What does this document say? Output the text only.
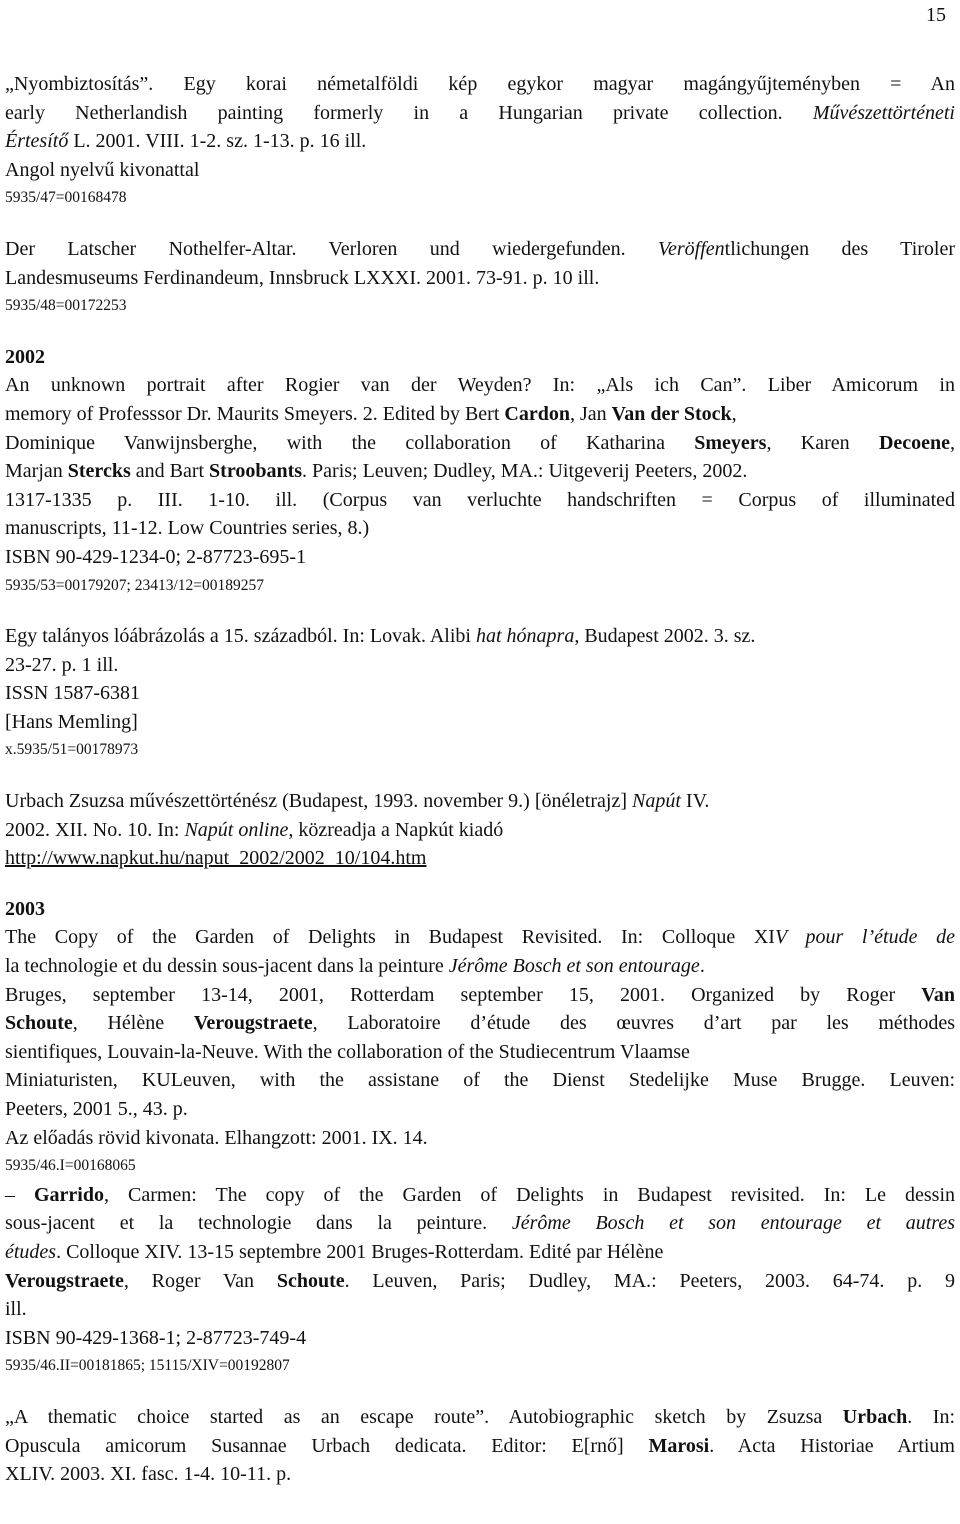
15
„Nyombiztosítás”. Egy korai németalföldi kép egykor magyar magángyűjteményben = An
early Netherlandish painting formerly in a Hungarian private collection. Művészettörténeti
Értesítő L. 2001. VIII. 1-2. sz. 1-13. p. 16 ill.
Angol nyelvű kivonattal
5935/47=00168478
Der Latscher Nothelfer-Altar. Verloren und wiedergefunden. Veröffentlichungen des Tiroler
Landesmuseums Ferdinandeum, Innsbruck LXXXI. 2001. 73-91. p. 10 ill.
5935/48=00172253
2002
An unknown portrait after Rogier van der Weyden? In: „Als ich Can”. Liber Amicorum in
memory of Professsor Dr. Maurits Smeyers. 2. Edited by Bert Cardon, Jan Van der Stock,
Dominique Vanwijnsberghe, with the collaboration of Katharina Smeyers, Karen Decoene,
Marjan Stercks and Bart Stroobants. Paris; Leuven; Dudley, MA.: Uitgeverij Peeters, 2002.
1317-1335 p. III. 1-10. ill. (Corpus van verluchte handschriften = Corpus of illuminated
manuscripts, 11-12. Low Countries series, 8.)
ISBN 90-429-1234-0; 2-87723-695-1
5935/53=00179207; 23413/12=00189257
Egy talányos lóábrázolás a 15. századból. In: Lovak. Alibi hat hónapra, Budapest 2002. 3. sz.
23-27. p. 1 ill.
ISSN 1587-6381
[Hans Memling]
x.5935/51=00178973
Urbach Zsuzsa művészettörténész (Budapest, 1993. november 9.) [önéletrajz] Napút IV.
2002. XII. No. 10. In: Napút online, közreadja a Napkút kiadó
http://www.napkut.hu/naput_2002/2002_10/104.htm
2003
The Copy of the Garden of Delights in Budapest Revisited. In: Colloque XIV pour l’étude de
la technologie et du dessin sous-jacent dans la peinture Jérôme Bosch et son entourage.
Bruges, september 13-14, 2001, Rotterdam september 15, 2001. Organized by Roger Van
Schoute, Hélène Verougstraete, Laboratoire d’étude des œuvres d’art par les méthodes
sientifiques, Louvain-la-Neuve. With the collaboration of the Studiecentrum Vlaamse
Miniaturisten, KULeuven, with the assistane of the Dienst Stedelijke Muse Brugge. Leuven:
Peeters, 2001 5., 43. p.
Az előadás rövid kivonata. Elhangzott: 2001. IX. 14.
5935/46.I=00168065
– Garrido, Carmen: The copy of the Garden of Delights in Budapest revisited. In: Le dessin
sous-jacent et la technologie dans la peinture. Jérôme Bosch et son entourage et autres
études. Colloque XIV. 13-15 septembre 2001 Bruges-Rotterdam. Edité par Hélène
Verougstraete, Roger Van Schoute. Leuven, Paris; Dudley, MA.: Peeters, 2003. 64-74. p. 9
ill.
ISBN 90-429-1368-1; 2-87723-749-4
5935/46.II=00181865; 15115/XIV=00192807
„A thematic choice started as an escape route”. Autobiographic sketch by Zsuzsa Urbach. In:
Opuscula amicorum Susannae Urbach dedicata. Editor: E[rnő] Marosi. Acta Historiae Artium
XLIV. 2003. XI. fasc. 1-4. 10-11. p.
